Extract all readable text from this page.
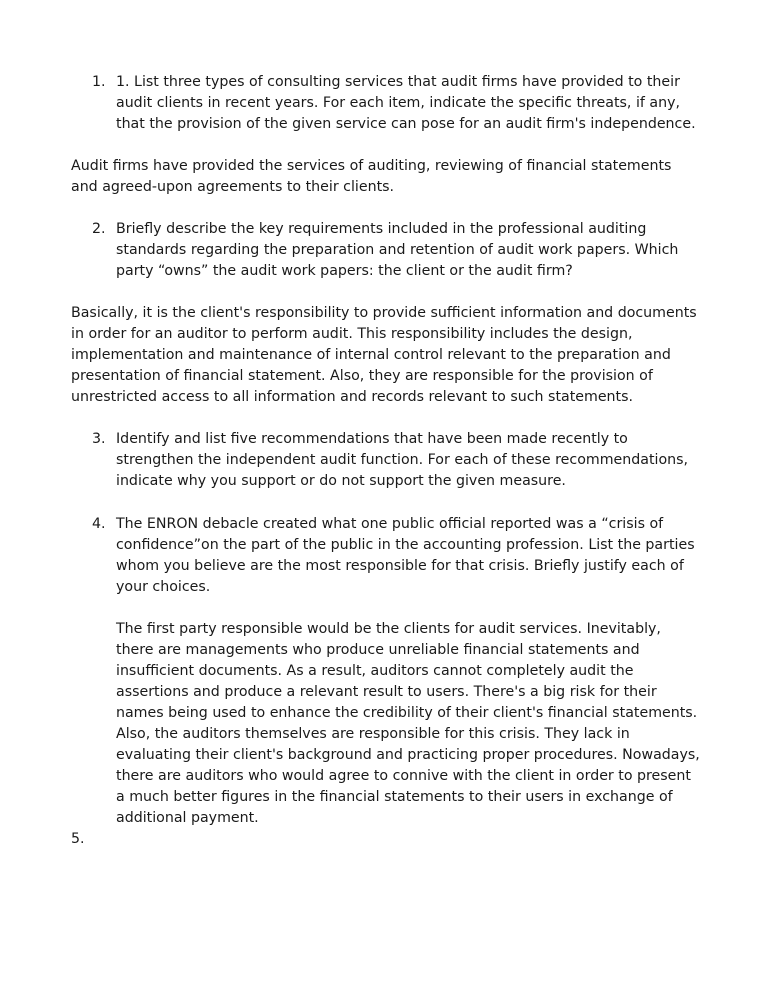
1. 1. List three types of consulting services that audit firms have provided to their
audit clients in recent years. For each item, indicate the specific threats, if any,
that the provision of the given service can pose for an audit firm's independence.
Audit firms have provided the services of auditing, reviewing of financial statements
and agreed-upon agreements to their clients.
2. Briefly describe the key requirements included in the professional auditing
standards regarding the preparation and retention of audit work papers. Which
party “owns” the audit work papers: the client or the audit firm?
Basically, it is the client's responsibility to provide sufficient information and documents
in order for an auditor to perform audit. This responsibility includes the design,
implementation and maintenance of internal control relevant to the preparation and
presentation of financial statement. Also, they are responsible for the provision of
unrestricted access to all information and records relevant to such statements.
3. Identify and list five recommendations that have been made recently to
strengthen the independent audit function. For each of these recommendations,
indicate why you support or do not support the given measure.
4. The ENRON debacle created what one public official reported was a “crisis of
confidence”on the part of the public in the accounting profession. List the parties
whom you believe are the most responsible for that crisis. Briefly justify each of
your choices.
The first party responsible would be the clients for audit services. Inevitably,
there are managements who produce unreliable financial statements and
insufficient documents. As a result, auditors cannot completely audit the
assertions and produce a relevant result to users. There's a big risk for their
names being used to enhance the credibility of their client's financial statements.
Also, the auditors themselves are responsible for this crisis. They lack in
evaluating their client's background and practicing proper procedures. Nowadays,
there are auditors who would agree to connive with the client in order to present
a much better figures in the financial statements to their users in exchange of
additional payment.
5.
